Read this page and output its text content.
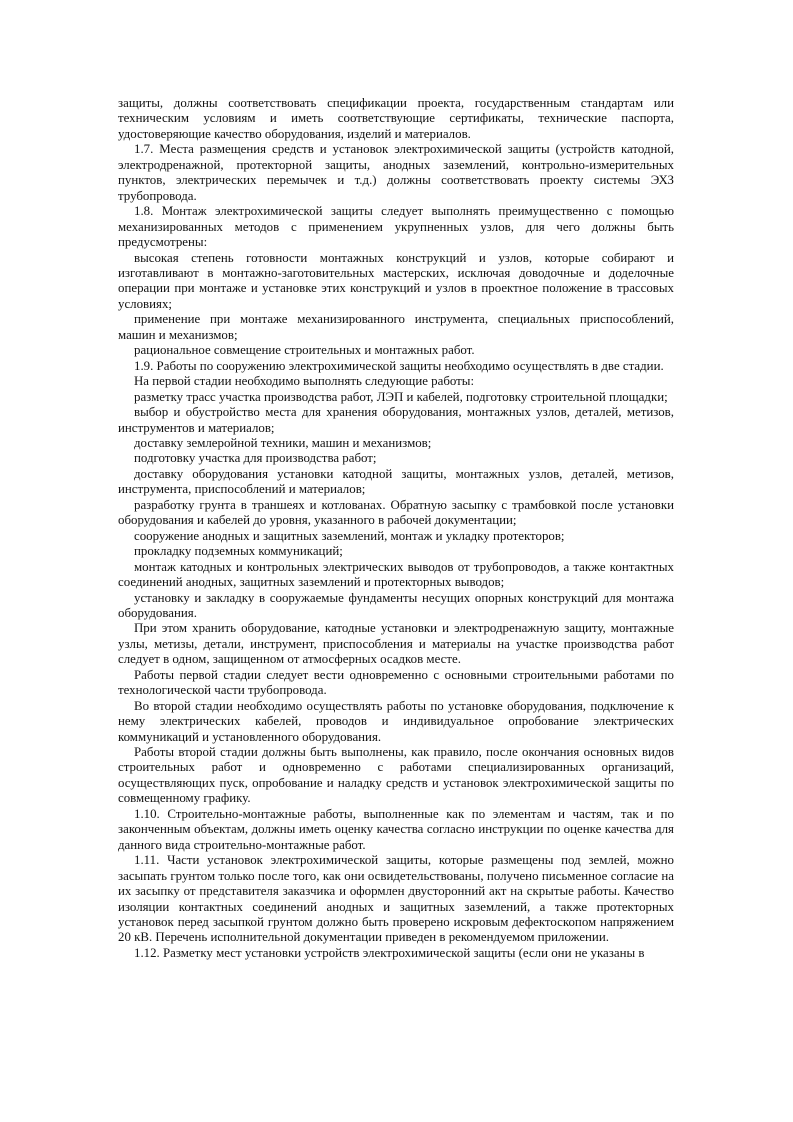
защиты, должны соответствовать спецификации проекта, государственным стандартам или техническим условиям и иметь соответствующие сертификаты, технические паспорта, удостоверяющие качество оборудования, изделий и материалов.

1.7. Места размещения средств и установок электрохимической защиты (устройств катодной, электродренажной, протекторной защиты, анодных заземлений, контрольно-измерительных пунктов, электрических перемычек и т.д.) должны соответствовать проекту системы ЭХЗ трубопровода.

1.8. Монтаж электрохимической защиты следует выполнять преимущественно с помощью механизированных методов с применением укрупненных узлов, для чего должны быть предусмотрены:

высокая степень готовности монтажных конструкций и узлов, которые собирают и изготавливают в монтажно-заготовительных мастерских, исключая доводочные и доделочные операции при монтаже и установке этих конструкций и узлов в проектное положение в трассовых условиях;

применение при монтаже механизированного инструмента, специальных приспособлений, машин и механизмов;

рациональное совмещение строительных и монтажных работ.

1.9. Работы по сооружению электрохимической защиты необходимо осуществлять в две стадии.

На первой стадии необходимо выполнять следующие работы:

разметку трасс участка производства работ, ЛЭП и кабелей, подготовку строительной площадки;

выбор и обустройство места для хранения оборудования, монтажных узлов, деталей, метизов, инструментов и материалов;

доставку землеройной техники, машин и механизмов;

подготовку участка для производства работ;

доставку оборудования установки катодной защиты, монтажных узлов, деталей, метизов, инструмента, приспособлений и материалов;

разработку грунта в траншеях и котлованах. Обратную засыпку с трамбовкой после установки оборудования и кабелей до уровня, указанного в рабочей документации;

сооружение анодных и защитных заземлений, монтаж и укладку протекторов;

прокладку подземных коммуникаций;

монтаж катодных и контрольных электрических выводов от трубопроводов, а также контактных соединений анодных, защитных заземлений и протекторных выводов;

установку и закладку в сооружаемые фундаменты несущих опорных конструкций для монтажа оборудования.

При этом хранить оборудование, катодные установки и электродренажную защиту, монтажные узлы, метизы, детали, инструмент, приспособления и материалы на участке производства работ следует в одном, защищенном от атмосферных осадков месте.

Работы первой стадии следует вести одновременно с основными строительными работами по технологической части трубопровода.

Во второй стадии необходимо осуществлять работы по установке оборудования, подключение к нему электрических кабелей, проводов и индивидуальное опробование электрических коммуникаций и установленного оборудования.

Работы второй стадии должны быть выполнены, как правило, после окончания основных видов строительных работ и одновременно с работами специализированных организаций, осуществляющих пуск, опробование и наладку средств и установок электрохимической защиты по совмещенному графику.

1.10. Строительно-монтажные работы, выполненные как по элементам и частям, так и по законченным объектам, должны иметь оценку качества согласно инструкции по оценке качества для данного вида строительно-монтажные работ.

1.11. Части установок электрохимической защиты, которые размещены под землей, можно засыпать грунтом только после того, как они освидетельствованы, получено письменное согласие на их засыпку от представителя заказчика и оформлен двусторонний акт на скрытые работы. Качество изоляции контактных соединений анодных и защитных заземлений, а также протекторных установок перед засыпкой грунтом должно быть проверено искровым дефектоскопом напряжением 20 кВ. Перечень исполнительной документации приведен в рекомендуемом приложении.

1.12. Разметку мест установки устройств электрохимической защиты (если они не указаны в
